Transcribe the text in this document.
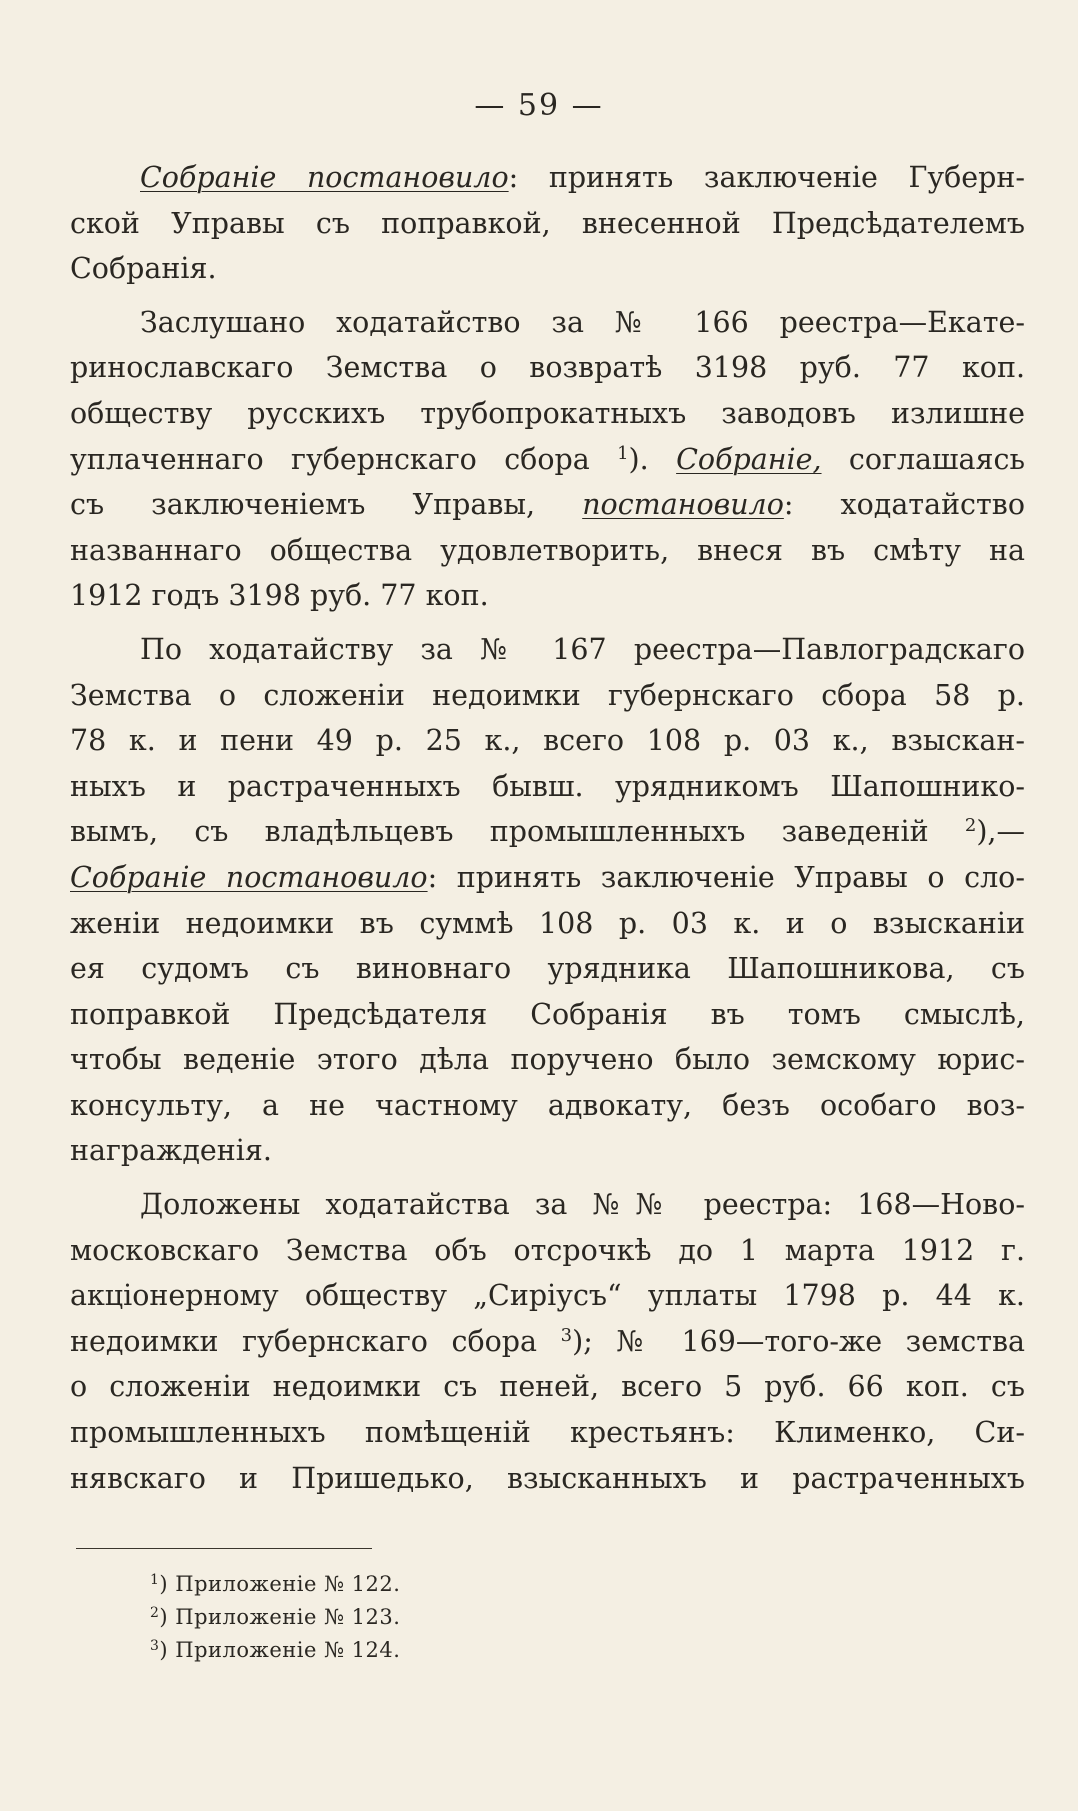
— 59 —
Собраніе постановило: принять заключеніе Губерн-
ской Управы съ поправкой, внесенной Предсѣдателемъ
Собранія.
Заслушано ходатайство за № 166 реестра—Екате-
ринославскаго Земства о возвратѣ 3198 руб. 77 коп.
обществу русскихъ трубопрокатныхъ заводовъ излишне
уплаченнаго губернскаго сбора $^1$). Собраніе, соглашаясь
съ заключеніемъ Управы, постановило: ходатайство
названнаго общества удовлетворить, внеся въ смѣту на
1912 годъ 3198 руб. 77 коп.
По ходатайству за № 167 реестра—Павлоградскаго
Земства о сложеніи недоимки губернскаго сбора 58 р.
78 к. и пени 49 р. 25 к., всего 108 р. 03 к., взыскан-
ныхъ и растраченныхъ бывш. урядникомъ Шапошнико-
вымъ, съ владѣльцевъ промышленныхъ заведеній $^2$),—
Собраніе постановило: принять заключеніе Управы о сло-
женіи недоимки въ суммѣ 108 р. 03 к. и о взысканіи
ея судомъ съ виновнаго урядника Шапошникова, съ
поправкой Предсѣдателя Собранія въ томъ смыслѣ,
чтобы веденіе этого дѣла поручено было земскому юрис-
консульту, а не частному адвокату, безъ особаго воз-
награжденія.
Доложены ходатайства за №№ реестра: 168—Ново-
московскаго Земства объ отсрочкѣ до 1 марта 1912 г.
акціонерному обществу „Сиріусъ“ уплаты 1798 р. 44 к.
недоимки губернскаго сбора $^3$); № 169—того-же земства
о сложеніи недоимки съ пеней, всего 5 руб. 66 коп. съ
промышленныхъ помѣщеній крестьянъ: Клименко, Си-
нявскаго и Пришедько, взысканныхъ и растраченныхъ
$^1$) Приложеніе № 122.
$^2$) Приложеніе № 123.
$^3$) Приложеніе № 124.
